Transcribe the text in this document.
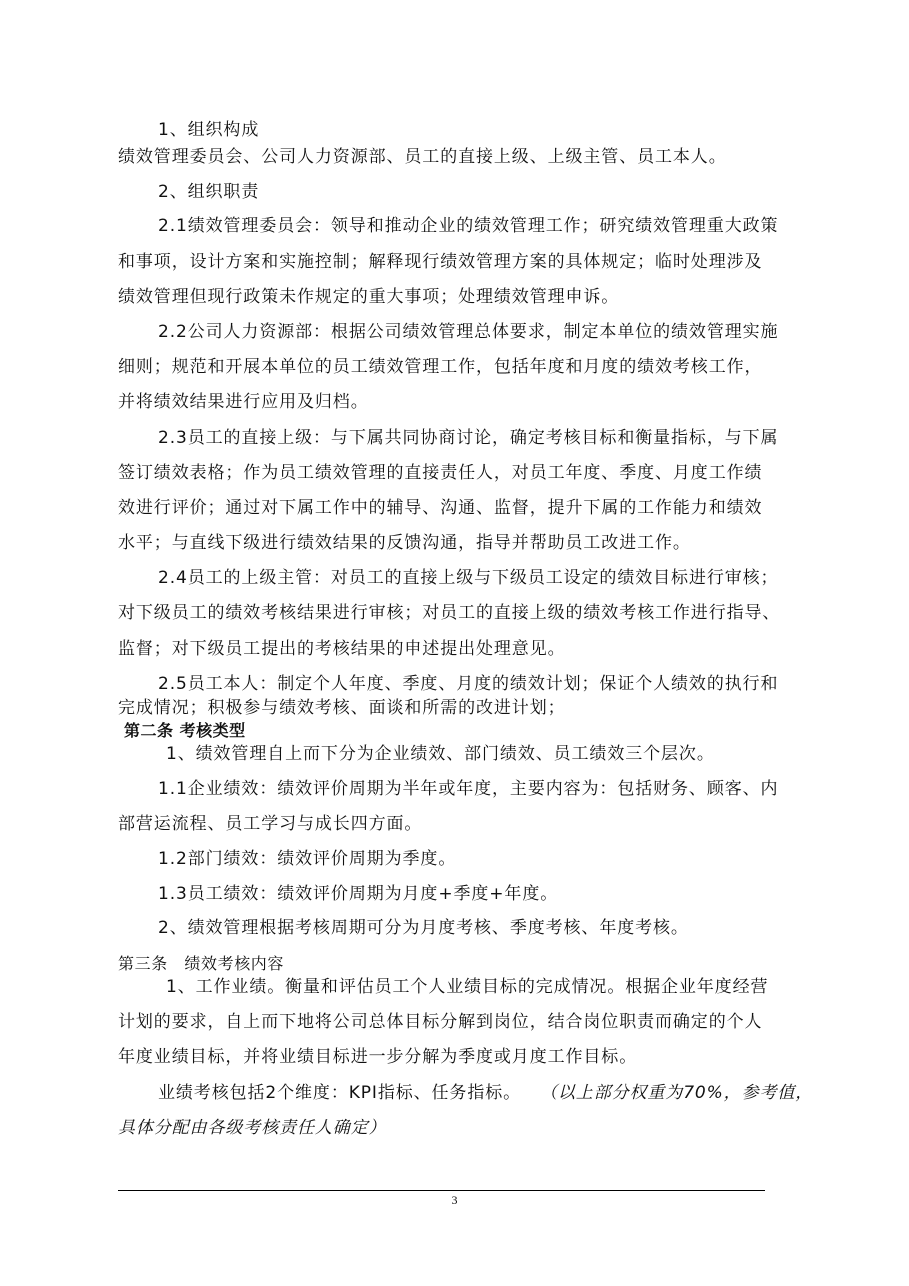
1、组织构成
绩效管理委员会、公司人力资源部、员工的直接上级、上级主管、员工本人。
2、组织职责
2.1绩效管理委员会：领导和推动企业的绩效管理工作；研究绩效管理重大政策
和事项，设计方案和实施控制；解释现行绩效管理方案的具体规定；临时处理涉及
绩效管理但现行政策未作规定的重大事项；处理绩效管理申诉。
2.2公司人力资源部：根据公司绩效管理总体要求，制定本单位的绩效管理实施
细则；规范和开展本单位的员工绩效管理工作，包括年度和月度的绩效考核工作，
并将绩效结果进行应用及归档。
2.3员工的直接上级：与下属共同协商讨论，确定考核目标和衡量指标，与下属
签订绩效表格；作为员工绩效管理的直接责任人，对员工年度、季度、月度工作绩
效进行评价；通过对下属工作中的辅导、沟通、监督，提升下属的工作能力和绩效
水平；与直线下级进行绩效结果的反馈沟通，指导并帮助员工改进工作。
2.4员工的上级主管：对员工的直接上级与下级员工设定的绩效目标进行审核；
对下级员工的绩效考核结果进行审核；对员工的直接上级的绩效考核工作进行指导、
监督；对下级员工提出的考核结果的申述提出处理意见。
2.5员工本人：制定个人年度、季度、月度的绩效计划；保证个人绩效的执行和
完成情况；积极参与绩效考核、面谈和所需的改进计划；
第二条 考核类型
1、绩效管理自上而下分为企业绩效、部门绩效、员工绩效三个层次。
1.1企业绩效：绩效评价周期为半年或年度，主要内容为：包括财务、顾客、内
部营运流程、员工学习与成长四方面。
1.2部门绩效：绩效评价周期为季度。
1.3员工绩效：绩效评价周期为月度+季度+年度。
2、绩效管理根据考核周期可分为月度考核、季度考核、年度考核。
第三条　绩效考核内容
1、工作业绩。衡量和评估员工个人业绩目标的完成情况。根据企业年度经营
计划的要求，自上而下地将公司总体目标分解到岗位，结合岗位职责而确定的个人
年度业绩目标，并将业绩目标进一步分解为季度或月度工作目标。
业绩考核包括2个维度：KPI指标、任务指标。 （以上部分权重为70%，参考值，
具体分配由各级考核责任人确定）
3
